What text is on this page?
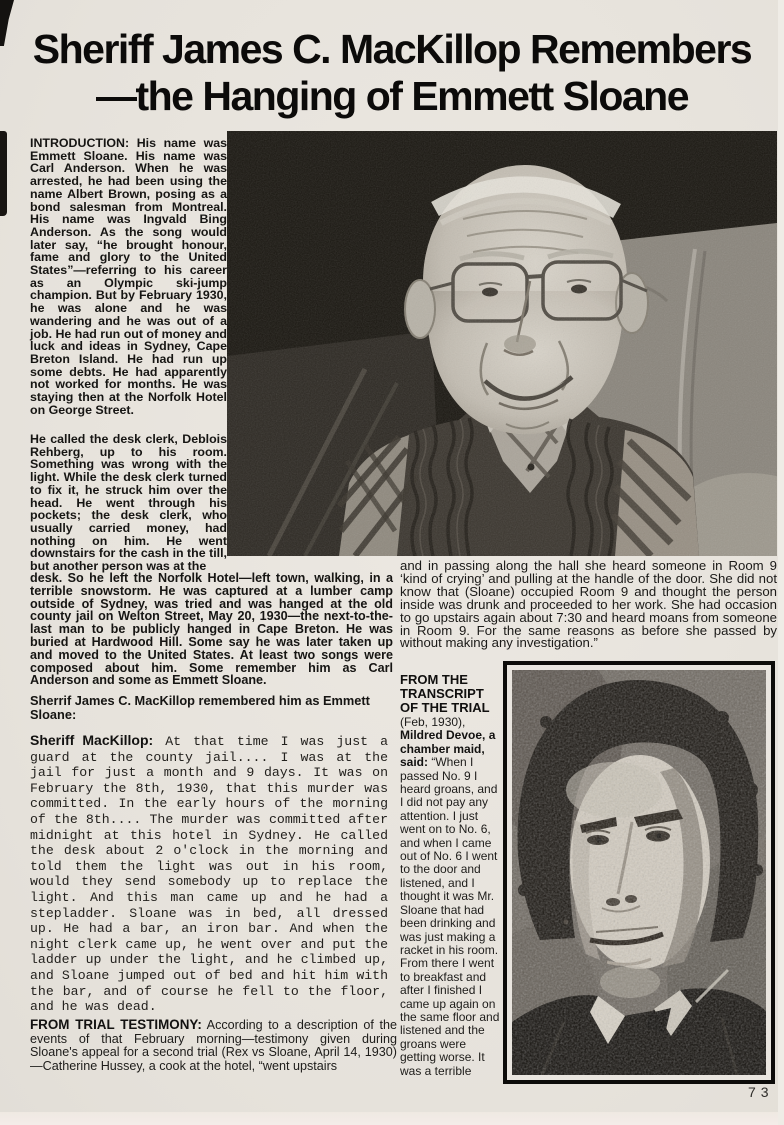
Sheriff James C. MacKillop Remembers
—the Hanging of Emmett Sloane

INTRODUCTION: His name was Emmett Sloane. His name was Carl Anderson. When he was arrested, he had been using the name Albert Brown, posing as a bond salesman from Montreal. His name was Ingvald Bing Anderson. As the song would later say, “he brought honour, fame and glory to the United States”—referring to his career as an Olympic ski-jump champion. But by February 1930, he was alone and he was wandering and he was out of a job. He had run out of money and luck and ideas in Sydney, Cape Breton Island. He had run up some debts. He had apparently not worked for months. He was staying then at the Norfolk Hotel on George Street.

He called the desk clerk, Deblois Rehberg, up to his room. Something was wrong with the light. While the desk clerk turned to fix it, he struck him over the head. He went through his pockets; the desk clerk, who usually carried money, had nothing on him. He went downstairs for the cash in the till, but another person was at the

desk. So he left the Norfolk Hotel—left town, walking, in a terrible snowstorm. He was captured at a lumber camp outside of Sydney, was tried and was hanged at the old county jail on Welton Street, May 20, 1930—the next-to-the-last man to be publicly hanged in Cape Breton. He was buried at Hardwood Hill. Some say he was later taken up and moved to the United States. At least two songs were composed about him. Some remember him as Carl Anderson and some as Emmett Sloane.

Sherrif James C. MacKillop remembered him as Emmett Sloane:

Sheriff MacKillop: At that time I was just a guard at the county jail.... I was at the jail for just a month and 9 days. It was on February the 8th, 1930, that this murder was committed. In the early hours of the morning of the 8th.... The murder was committed after midnight at this hotel in Sydney. He called the desk about 2 o'clock in the morning and told them the light was out in his room, would they send somebody up to replace the light. And this man came up and he had a stepladder. Sloane was in bed, all dressed up. He had a bar, an iron bar. And when the night clerk came up, he went over and put the ladder up under the light, and he climbed up, and Sloane jumped out of bed and hit him with the bar, and of course he fell to the floor, and he was dead.

FROM TRIAL TESTIMONY: According to a description of the events of that February morning—testimony given during Sloane's appeal for a second trial (Rex vs Sloane, April 14, 1930)—Catherine Hussey, a cook at the hotel, “went upstairs

and in passing along the hall she heard someone in Room 9 ‘kind of crying’ and pulling at the handle of the door. She did not know that (Sloane) occupied Room 9 and thought the person inside was drunk and proceeded to her work. She had occasion to go upstairs again about 7:30 and heard moans from someone in Room 9. For the same reasons as before she passed by without making any investigation.”

FROM THE TRANSCRIPT OF THE TRIAL

(Feb, 1930), Mildred Devoe, a chamber maid, said: “When I passed No. 9 I heard groans, and I did not pay any attention. I just went on to No. 6, and when I came out of No. 6 I went to the door and listened, and I thought it was Mr. Sloane that had been drinking and was just making a racket in his room. From there I went to breakfast and after I finished I came up again on the same floor and listened and the groans were getting worse. It was a terrible

73
